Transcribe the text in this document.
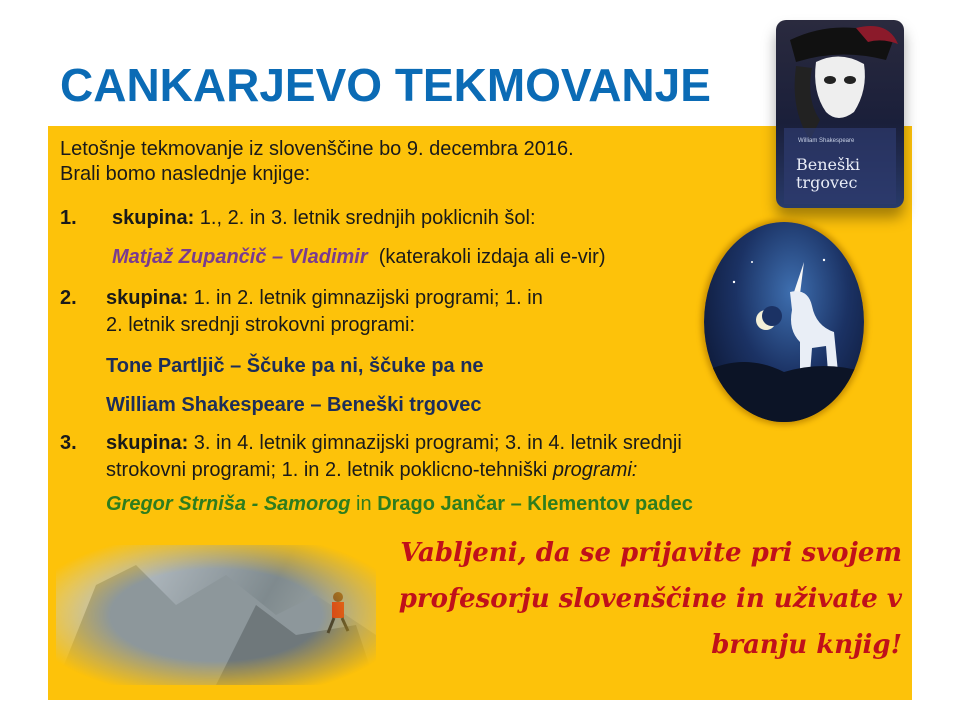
CANKARJEVO TEKMOVANJE
William Shakespeare
Beneški
trgovec
Letošnje tekmovanje iz slovenščine bo 9. decembra 2016.
Brali bomo naslednje knjige:
1. skupina: 1., 2. in 3. letnik srednjih poklicnih šol:
Matjaž Zupančič – Vladimir (katerakoli izdaja ali e-vir)
2. skupina: 1. in 2. letnik gimnazijski programi; 1. in
2. letnik srednji strokovni programi:
Tone Partljič – Ščuke pa ni, ščuke pa ne
William Shakespeare – Beneški trgovec
3. skupina: 3. in 4. letnik gimnazijski programi; 3. in 4. letnik srednji
strokovni programi; 1. in 2. letnik poklicno-tehniški programi:
Gregor Strniša - Samorog in Drago Jančar – Klementov padec
Vabljeni, da se prijavite pri svojem profesorju slovenščine in uživate v branju knjig!
